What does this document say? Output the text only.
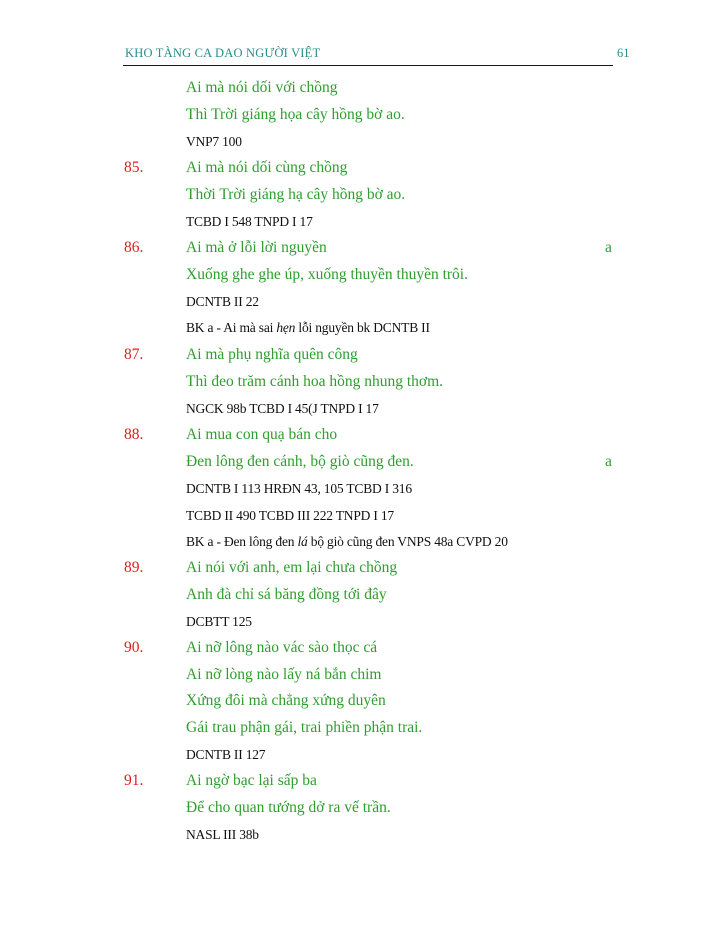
KHO TÀNG CA DAO NGƯỜI VIỆT	61
Ai mà nói dối với chồng
Thì Trời giáng họa cây hồng bờ ao.
VNP7 100
Ai mà nói dối cùng chồng
85.
Thời Trời giáng hạ cây hồng bờ ao.
TCBD I 548 TNPD I 17
Ai mà ở lỗi lời nguyền
86.	a
Xuống ghe ghe úp, xuống thuyền thuyền trôi.
DCNTB II 22
BK a - Ai mà sai hẹn lỗi nguyền bk DCNTB II
Ai mà phụ nghĩa quên công
87.
Thì đeo trăm cánh hoa hồng nhung thơm.
NGCK 98b TCBD I 45(J TNPD I 17
Ai mua con quạ bán cho
88.
Đen lông đen cánh, bộ giò cũng đen.	a
DCNTB I 113 HRĐN 43, 105 TCBD I 316
TCBD II 490 TCBD III 222 TNPD I 17
BK a - Đen lông đen lá bộ giò cũng đen VNPS 48a CVPD 20
Ai nói với anh, em lại chưa chồng
89.
Anh đà chỉ sá băng đồng tới đây
DCBTT 125
Ai nỡ lông nào vác sào thọc cá
90.
Ai nỡ lòng nào lấy ná bắn chim
Xứng đôi mà chẳng xứng duyên
Gái trau phận gái, trai phiền phận trai.
DCNTB II 127
Ai ngờ bạc lại sấp ba
91.
Để cho quan tướng dở ra vế trần.
NASL III 38b
